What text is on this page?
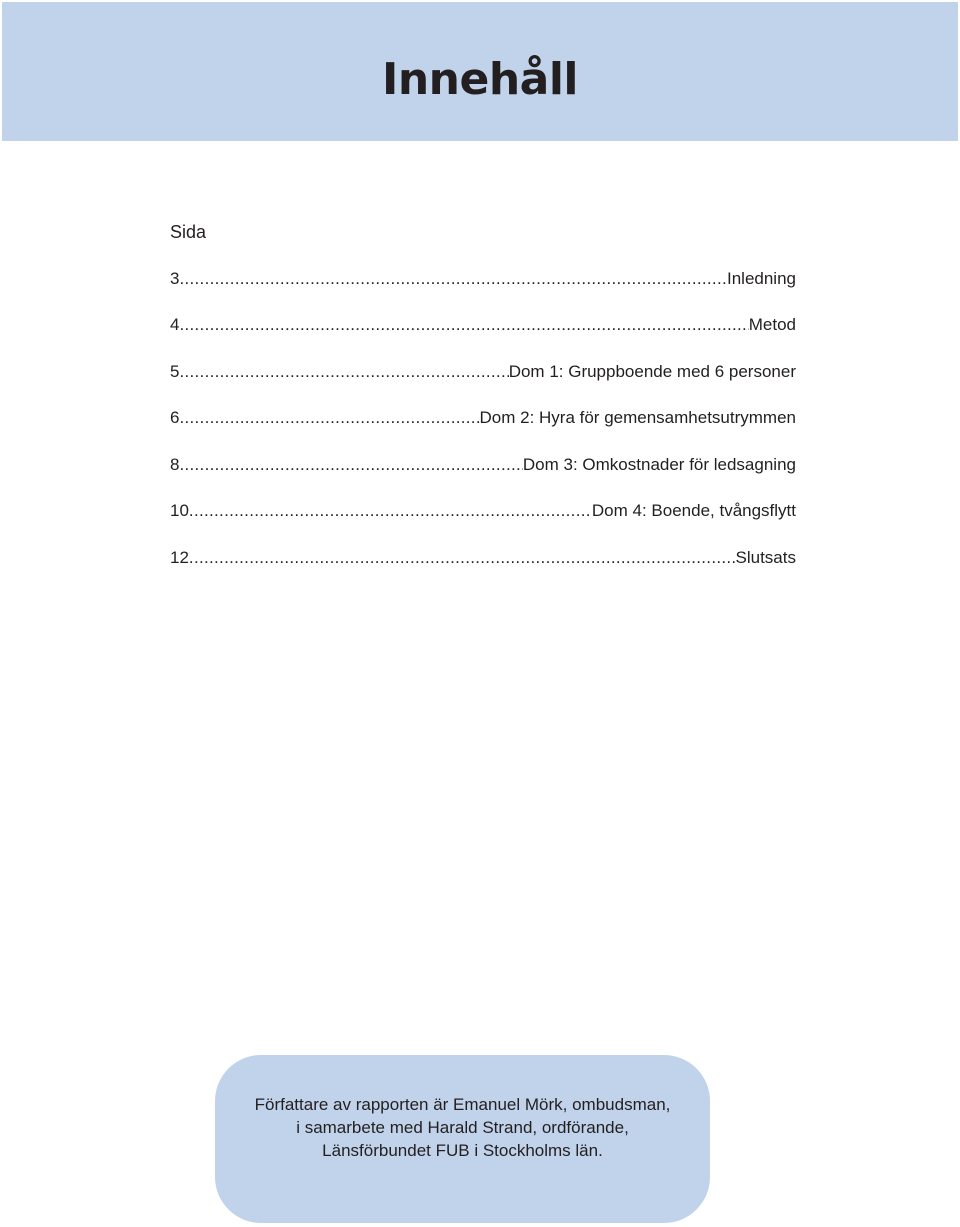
Innehåll
Sida
3 .....	Inledning
4 .....	Metod
5 .....	Dom 1: Gruppboende med 6 personer
6 .....	Dom 2: Hyra för gemensamhetsutrymmen
8 .....	Dom 3: Omkostnader för ledsagning
10 .....	Dom 4: Boende, tvångsflytt
12 .....	Slutsats
Författare av rapporten är Emanuel Mörk, ombudsman,
i samarbete med Harald Strand, ordförande,
Länsförbundet FUB i Stockholms län.
